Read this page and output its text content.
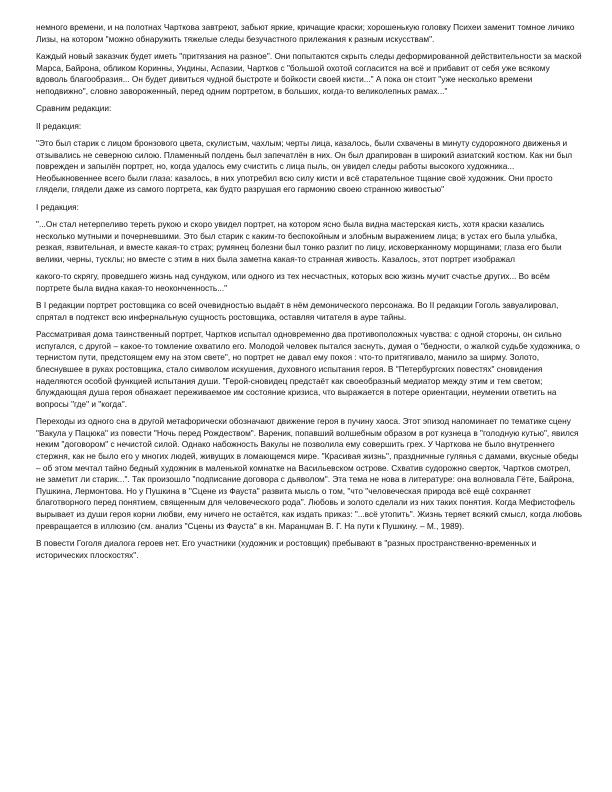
немного времени, и на полотнах Чарткова завтреют, забьют яркие, кричащие краски; хорошенькую головку Психеи заменит томное личико Лизы, на котором "можно обнаружить тяжелые следы безучастного прилежания к разным искусствам".

Каждый новый заказчик будет иметь "притязания на разное". Они попытаются скрыть следы деформированной действительности за маской Марса, Байрона, обликом Коринны, Ундины, Аспазии, Чартков с "большой охотой согласится на всё и прибавит от себя уже всякому вдоволь благообразия... Он будет дивиться чудной быстроте и бойкости своей кисти..." А пока он стоит "уже несколько времени неподвижно", словно завороженный, перед одним портретом, в больших, когда-то великолепных рамах..."

Сравним редакции:

II редакция:

"Это был старик с лицом бронзового цвета, скулистым, чахлым; черты лица, казалось, были схвачены в минуту судорожного движенья и отзывались не северною силою. Пламенный полдень был запечатлён в них. Он был драпирован в широкий азиатский костюм. Как ни был поврежден и запылён портрет, но, когда удалось ему счистить с лица пыль, он увидел следы работы высокого художника... Необыкновеннее всего были глаза: казалось, в них употребил всю силу кисти и всё старательное тщание своё художник. Они просто глядели, глядели даже из самого портрета, как будто разрушая его гармонию своею странною живостью"

I редакция:

"...Он стал нетерпеливо тереть рукою и скоро увидел портрет, на котором ясно была видна мастерская кисть, хотя краски казались несколько мутными и почерневшими. Это был старик с каким-то беспокойным и злобным выражением лица; в устах его была улыбка, резкая, язвительная, и вместе какая-то страх; румянец болезни был тонко разлит по лицу, исковерканному морщинами; глаза его были велики, черны, тусклы; но вместе с этим в них была заметна какая-то странная живость. Казалось, этот портрет изображал

какого-то скрягу, проведшего жизнь над сундуком, или одного из тех несчастных, которых всю жизнь мучит счастье других... Во всём портрете была видна какая-то неоконченность..."

В I редакции портрет ростовщика со всей очевидностью выдаёт в нём демонического персонажа. Во II редакции Гоголь завуалировал, спрятал в подтекст всю инфернальную сущность ростовщика, оставляя читателя в ауре тайны.

Рассматривая дома таинственный портрет, Чартков испытал одновременно два противоположных чувства: с одной стороны, он сильно испугался, с другой – какое-то томление охватило его. Молодой человек пытался заснуть, думая о "бедности, о жалкой судьбе художника, о тернистом пути, предстоящем ему на этом свете", но портрет не давал ему покоя : что-то притягивало, манило за ширму. Золото, блеснувшее в руках ростовщика, стало символом искушения, духовного испытания героя. В "Петербургских повестях" сновидения наделяются особой функцией испытания души. "Герой-сновидец предстаёт как своеобразный медиатор между этим и тем светом; блуждающая душа героя обнажает переживаемое им состояние кризиса, что выражается в потере ориентации, неумении ответить на вопросы "где" и "когда".

Переходы из одного сна в другой метафорически обозначают движение героя в пучину хаоса. Этот эпизод напоминает по тематике сцену "Вакула у Пацюка" из повести "Ночь перед Рождеством". Вареник, попавший волшебным образом в рот кузнеца в "голодную кутью", явился неким "договором" с нечистой силой. Однако набожность Вакулы не позволила ему совершить грех. У Чарткова не было внутреннего стержня, как не было его у многих людей, живущих в ломающемся мире. "Красивая жизнь", праздничные гулянья с дамами, вкусные обеды – об этом мечтал тайно бедный художник в маленькой комнатке на Васильевском острове. Схватив судорожно сверток, Чартков смотрел, не заметит ли старик...". Так произошло "подписание договора с дьяволом". Эта тема не нова в литературе: она волновала Гёте, Байрона, Пушкина, Лермонтова. Но у Пушкина в "Сцене из Фауста" развита мысль о том, "что "человеческая природа всё ещё сохраняет благотворного перед понятием, священным для человеческого рода". Любовь и золото сделали из них таких понятия. Когда Мефистофель вырывает из души героя корни любви, ему ничего не остаётся, как издать приказ: "...всё утопить". Жизнь теряет всякий смысл, когда любовь превращается в иллюзию (см. анализ "Сцены из Фауста" в кн. Маранцман В. Г. На пути к Пушкину. – М., 1989).

В повести Гоголя диалога героев нет. Его участники (художник и ростовщик) пребывают в "разных пространственно-временных и исторических плоскостях".
